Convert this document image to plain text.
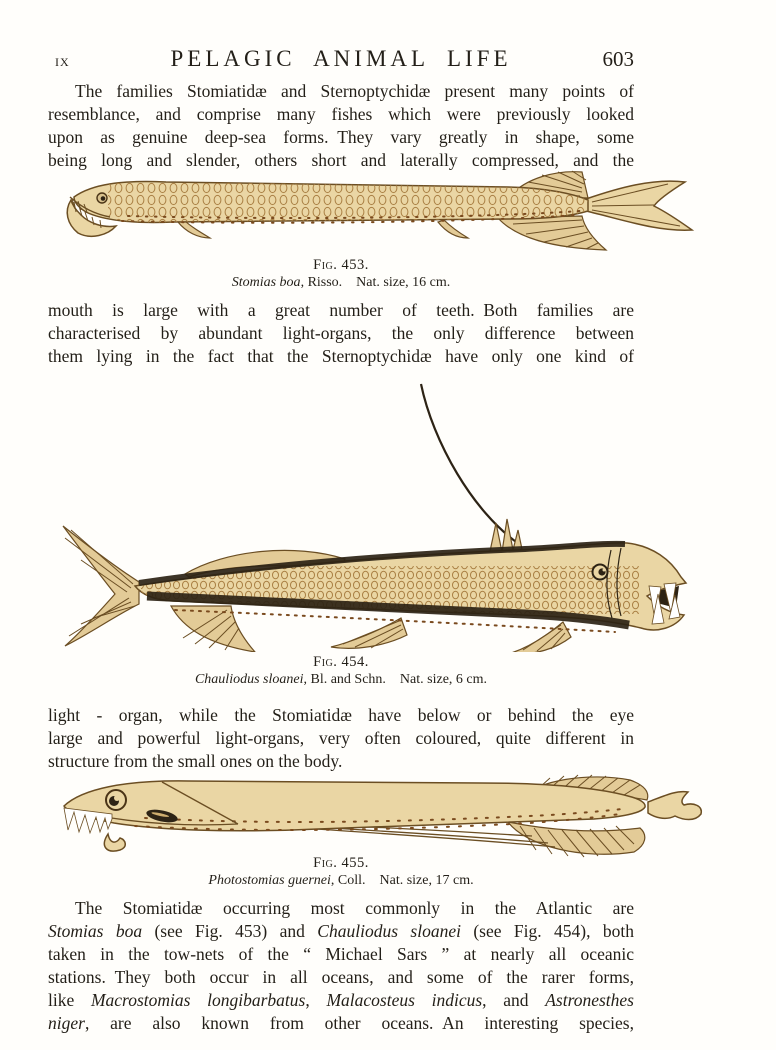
IX	PELAGIC ANIMAL LIFE	603
The families Stomiatidæ and Sternoptychidæ present many points of
resemblance, and comprise many fishes which were previously looked
upon as genuine deep-sea forms. They vary greatly in shape, some
being long and slender, others short and laterally compressed, and the
Fig. 453.
Stomias boa, Risso. Nat. size, 16 cm.
mouth is large with a great number of teeth. Both families are
characterised by abundant light-organs, the only difference between
them lying in the fact that the Sternoptychidæ have only one kind of
Fig. 454.
Chauliodus sloanei, Bl. and Schn. Nat. size, 6 cm.
light - organ, while the Stomiatidæ have below or behind the eye
large and powerful light-organs, very often coloured, quite different in
structure from the small ones on the body.
Fig. 455.
Photostomias guernei, Coll. Nat. size, 17 cm.
The Stomiatidæ occurring most commonly in the Atlantic are
Stomias boa (see Fig. 453) and Chauliodus sloanei (see Fig. 454), both
taken in the tow-nets of the “ Michael Sars ” at nearly all oceanic
stations. They both occur in all oceans, and some of the rarer forms,
like Macrostomias longibarbatus, Malacosteus indicus, and Astronesthes
niger, are also known from other oceans. An interesting species,
